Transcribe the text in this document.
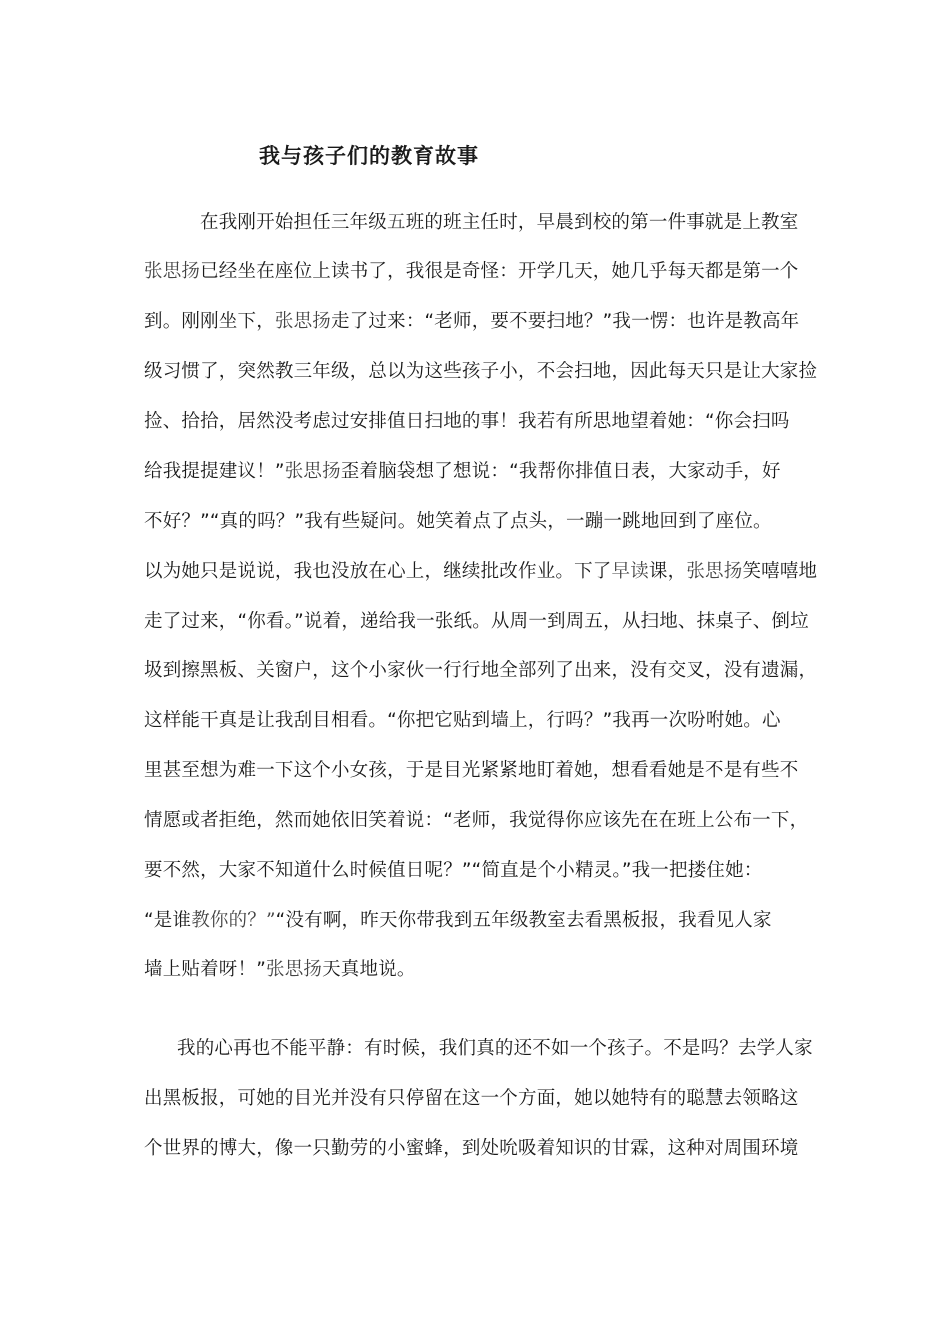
我与孩子们的教育故事
在我刚开始担任三年级五班的班主任时，早晨到校的第一件事就是上教室
张思扬已经坐在座位上读书了，我很是奇怪：开学几天，她几乎每天都是第一个
到。刚刚坐下，张思扬走了过来：“老师，要不要扫地？”我一愣：也许是教高年
级习惯了，突然教三年级，总以为这些孩子小，不会扫地，因此每天只是让大家捡
捡、拾拾，居然没考虑过安排值日扫地的事！我若有所思地望着她：“你会扫吗
给我提提建议！”张思扬歪着脑袋想了想说：“我帮你排值日表，大家动手，好
不好？”“真的吗？”我有些疑问。她笑着点了点头，一蹦一跳地回到了座位。
以为她只是说说，我也没放在心上，继续批改作业。下了早读课，张思扬笑嘻嘻地
走了过来，“你看。”说着，递给我一张纸。从周一到周五，从扫地、抹桌子、倒垃
圾到擦黑板、关窗户，这个小家伙一行行地全部列了出来，没有交叉，没有遗漏，
这样能干真是让我刮目相看。“你把它贴到墙上，行吗？”我再一次吩咐她。心
里甚至想为难一下这个小女孩，于是目光紧紧地盯着她，想看看她是不是有些不
情愿或者拒绝，然而她依旧笑着说：“老师，我觉得你应该先在在班上公布一下，
要不然，大家不知道什么时候值日呢？”“简直是个小精灵。”我一把搂住她：
“是谁教你的？”“没有啊，昨天你带我到五年级教室去看黑板报，我看见人家
墙上贴着呀！”张思扬天真地说。
我的心再也不能平静：有时候，我们真的还不如一个孩子。不是吗？去学人家
出黑板报，可她的目光并没有只停留在这一个方面，她以她特有的聪慧去领略这
个世界的博大，像一只勤劳的小蜜蜂，到处吮吸着知识的甘霖，这种对周围环境
